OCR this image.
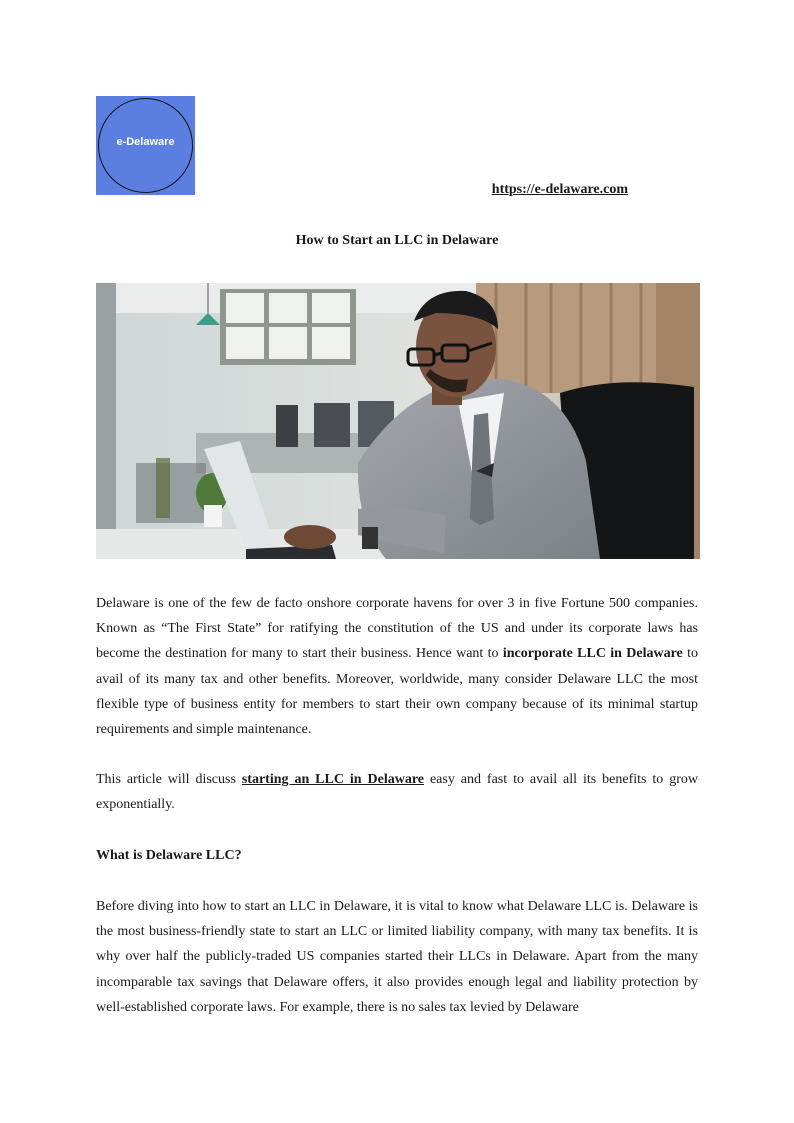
e-Delaware
https://e-delaware.com
How to Start an LLC in Delaware

Delaware is one of the few de facto onshore corporate havens for over 3 in five Fortune 500 companies. Known as “The First State” for ratifying the constitution of the US and under its corporate laws has become the destination for many to start their business. Hence want to incorporate LLC in Delaware to avail of its many tax and other benefits. Moreover, worldwide, many consider Delaware LLC the most flexible type of business entity for members to start their own company because of its minimal startup requirements and simple maintenance.

This article will discuss starting an LLC in Delaware easy and fast to avail all its benefits to grow exponentially.

What is Delaware LLC?

Before diving into how to start an LLC in Delaware, it is vital to know what Delaware LLC is. Delaware is the most business-friendly state to start an LLC or limited liability company, with many tax benefits. It is why over half the publicly-traded US companies started their LLCs in Delaware. Apart from the many incomparable tax savings that Delaware offers, it also provides enough legal and liability protection by well-established corporate laws. For example, there is no sales tax levied by Delaware
